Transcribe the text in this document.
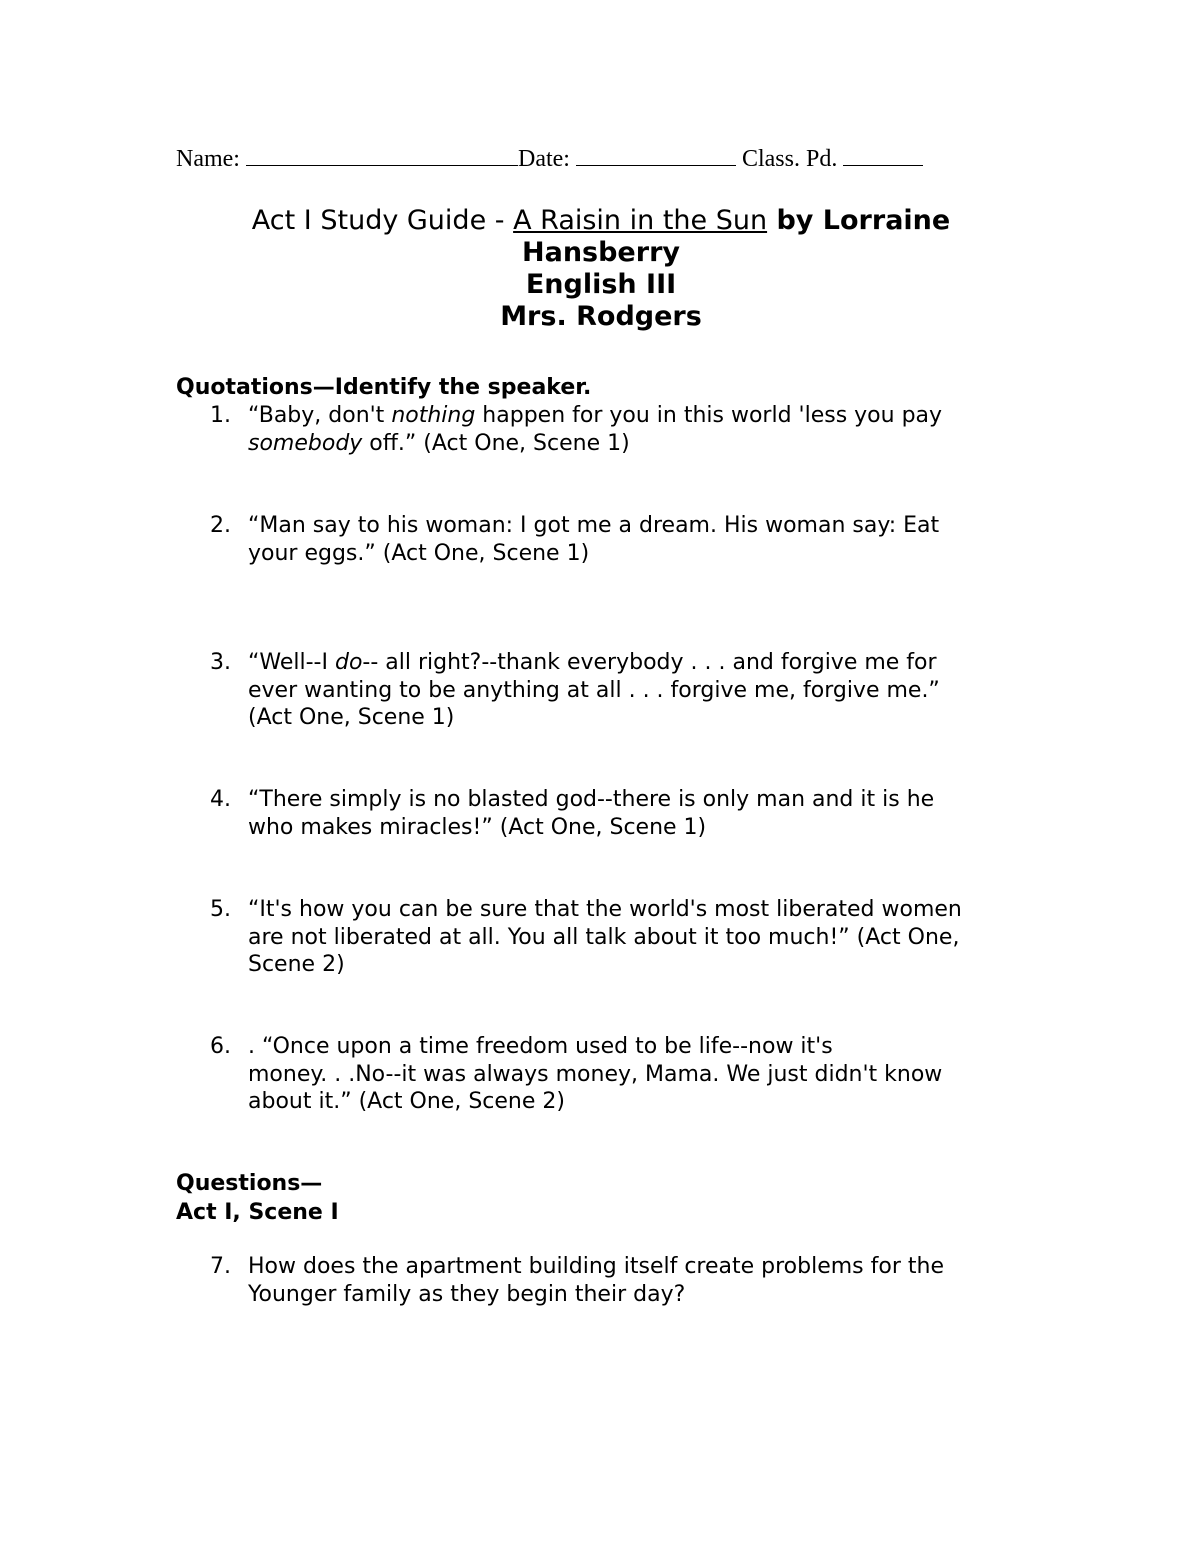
Name:	Date:	Class. Pd.
Act I Study Guide - A Raisin in the Sun by Lorraine
Hansberry
English III
Mrs. Rodgers
Quotations—Identify the speaker.
1. “Baby, don't nothing happen for you in this world 'less you pay
somebody off.” (Act One, Scene 1)
2. “Man say to his woman: I got me a dream. His woman say: Eat
your eggs.” (Act One, Scene 1)
3. “Well--I do-- all right?--thank everybody . . . and forgive me for
ever wanting to be anything at all . . . forgive me, forgive me.”
(Act One, Scene 1)
4. “There simply is no blasted god--there is only man and it is he
who makes miracles!” (Act One, Scene 1)
5. “It's how you can be sure that the world's most liberated women
are not liberated at all. You all talk about it too much!” (Act One,
Scene 2)
6. . “Once upon a time freedom used to be life--now it's
money. . .No--it was always money, Mama. We just didn't know
about it.” (Act One, Scene 2)
Questions—
Act I, Scene I
7. How does the apartment building itself create problems for the
Younger family as they begin their day?
